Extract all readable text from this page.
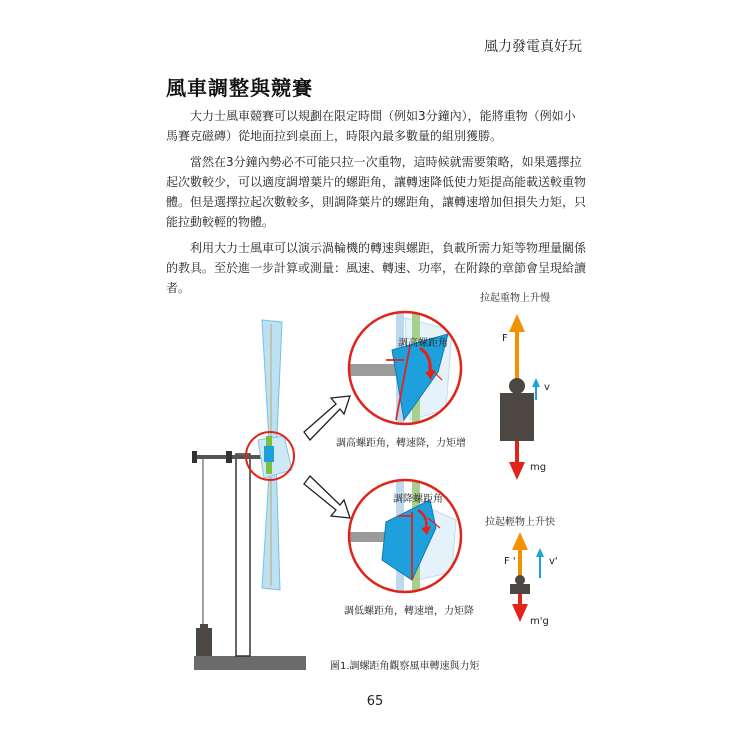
風力發電真好玩
風車調整與競賽

大力士風車競賽可以規劃在限定時間（例如3分鐘內），能將重物（例如小馬賽克磁磚）從地面拉到桌面上，時限內最多數量的組別獲勝。

當然在3分鐘內勢必不可能只拉一次重物，這時候就需要策略，如果選擇拉起次數較少，可以適度調增葉片的螺距角，讓轉速降低使力矩提高能載送較重物體。但是選擇拉起次數較多，則調降葉片的螺距角，讓轉速增加但損失力矩，只能拉動較輕的物體。

利用大力士風車可以演示渦輪機的轉速與螺距，負載所需力矩等物理量關係的教具。至於進一步計算或測量：風速、轉速、功率，在附錄的章節會呈現給讀者。

調高螺距角
調高螺距角，轉速降，力矩增
調降螺距角
調低螺距角，轉速增，力矩降
拉起重物上升慢
F
v
mg
拉起輕物上升快
F '	v'
m'g
圖1.調螺距角觀察風車轉速與力矩
65
